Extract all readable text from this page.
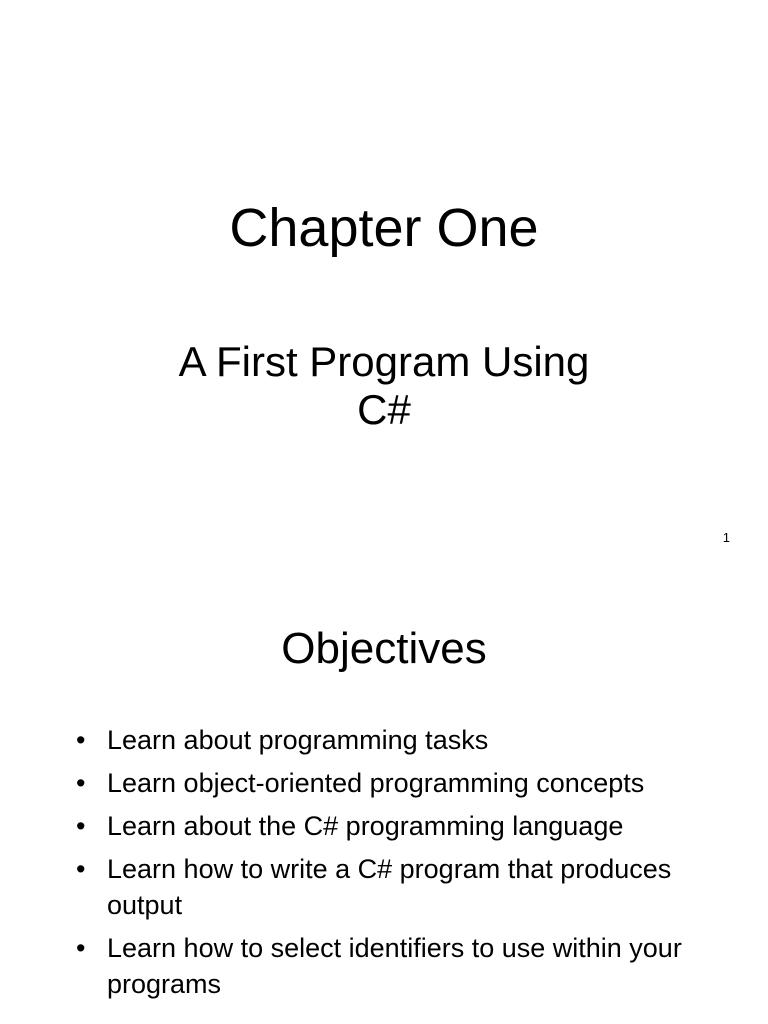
Chapter One
A First Program Using
C#
1
Objectives
• Learn about programming tasks
• Learn object-oriented programming concepts
• Learn about the C# programming language
• Learn how to write a C# program that produces output
• Learn how to select identifiers to use within your programs
